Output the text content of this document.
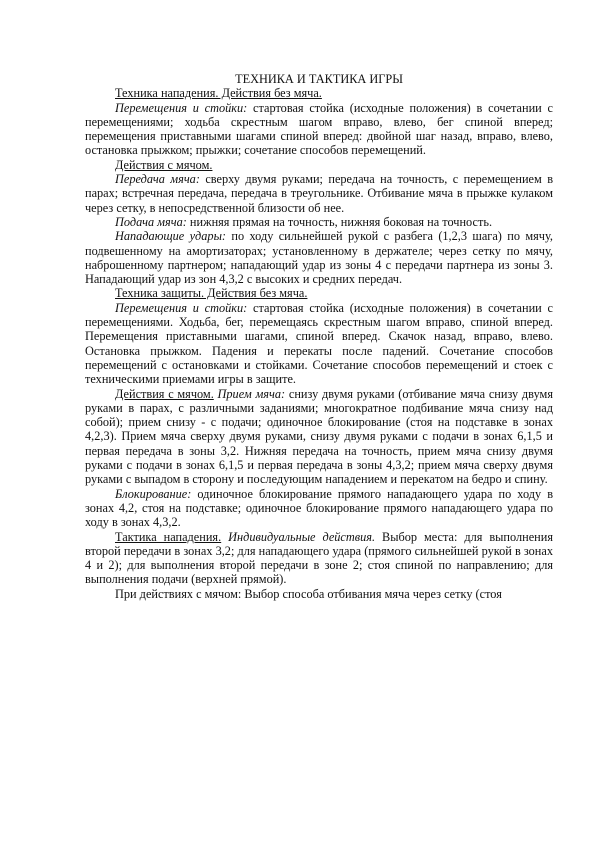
ТЕХНИКА И ТАКТИКА ИГРЫ

Техника нападения. Действия без мяча.

Перемещения и стойки: стартовая стойка (исходные положения) в сочетании с перемещениями; ходьба скрестным шагом вправо, влево, бег спиной вперед; перемещения приставными шагами спиной вперед: двойной шаг назад, вправо, влево, остановка прыжком; прыжки; сочетание способов перемещений.

Действия с мячом.

Передача мяча: сверху двумя руками; передача на точность, с перемещением в парах; встречная передача, передача в треугольнике. Отбивание мяча в прыжке кулаком через сетку, в непосредственной близости об нее.

Подача мяча: нижняя прямая на точность, нижняя боковая на точность.

Нападающие удары: по ходу сильнейшей рукой с разбега (1,2,3 шага) по мячу, подвешенному на амортизаторах; установленному в держателе; через сетку по мячу, наброшенному партнером; нападающий удар из зоны 4 с передачи партнера из зоны 3. Нападающий удар из зон 4,3,2 с высоких и средних передач.

Техника защиты. Действия без мяча.

Перемещения и стойки: стартовая стойка (исходные положения) в сочетании с перемещениями. Ходьба, бег, перемещаясь скрестным шагом вправо, спиной вперед. Перемещения приставными шагами, спиной вперед. Скачок назад, вправо, влево. Остановка прыжком. Падения и перекаты после падений. Сочетание способов перемещений с остановками и стойками. Сочетание способов перемещений и стоек с техническими приемами игры в защите.

Действия с мячом. Прием мяча: снизу двумя руками (отбивание мяча снизу двумя руками в парах, с различными заданиями; многократное подбивание мяча снизу над собой); прием снизу - с подачи; одиночное блокирование (стоя на подставке в зонах 4,2,3). Прием мяча сверху двумя руками, снизу двумя руками с подачи в зонах 6,1,5 и первая передача в зоны 3,2. Нижняя передача на точность, прием мяча снизу двумя руками с подачи в зонах 6,1,5 и первая передача в зоны 4,3,2; прием мяча сверху двумя руками с выпадом в сторону и последующим нападением и перекатом на бедро и спину.

Блокирование: одиночное блокирование прямого нападающего удара по ходу в зонах 4,2, стоя на подставке; одиночное блокирование прямого нападающего удара по ходу в зонах 4,3,2.

Тактика нападения. Индивидуальные действия. Выбор места: для выполнения второй передачи в зонах 3,2; для нападающего удара (прямого сильнейшей рукой в зонах 4 и 2); для выполнения второй передачи в зоне 2; стоя спиной по направлению; для выполнения подачи (верхней прямой).

При действиях с мячом: Выбор способа отбивания мяча через сетку (стоя
